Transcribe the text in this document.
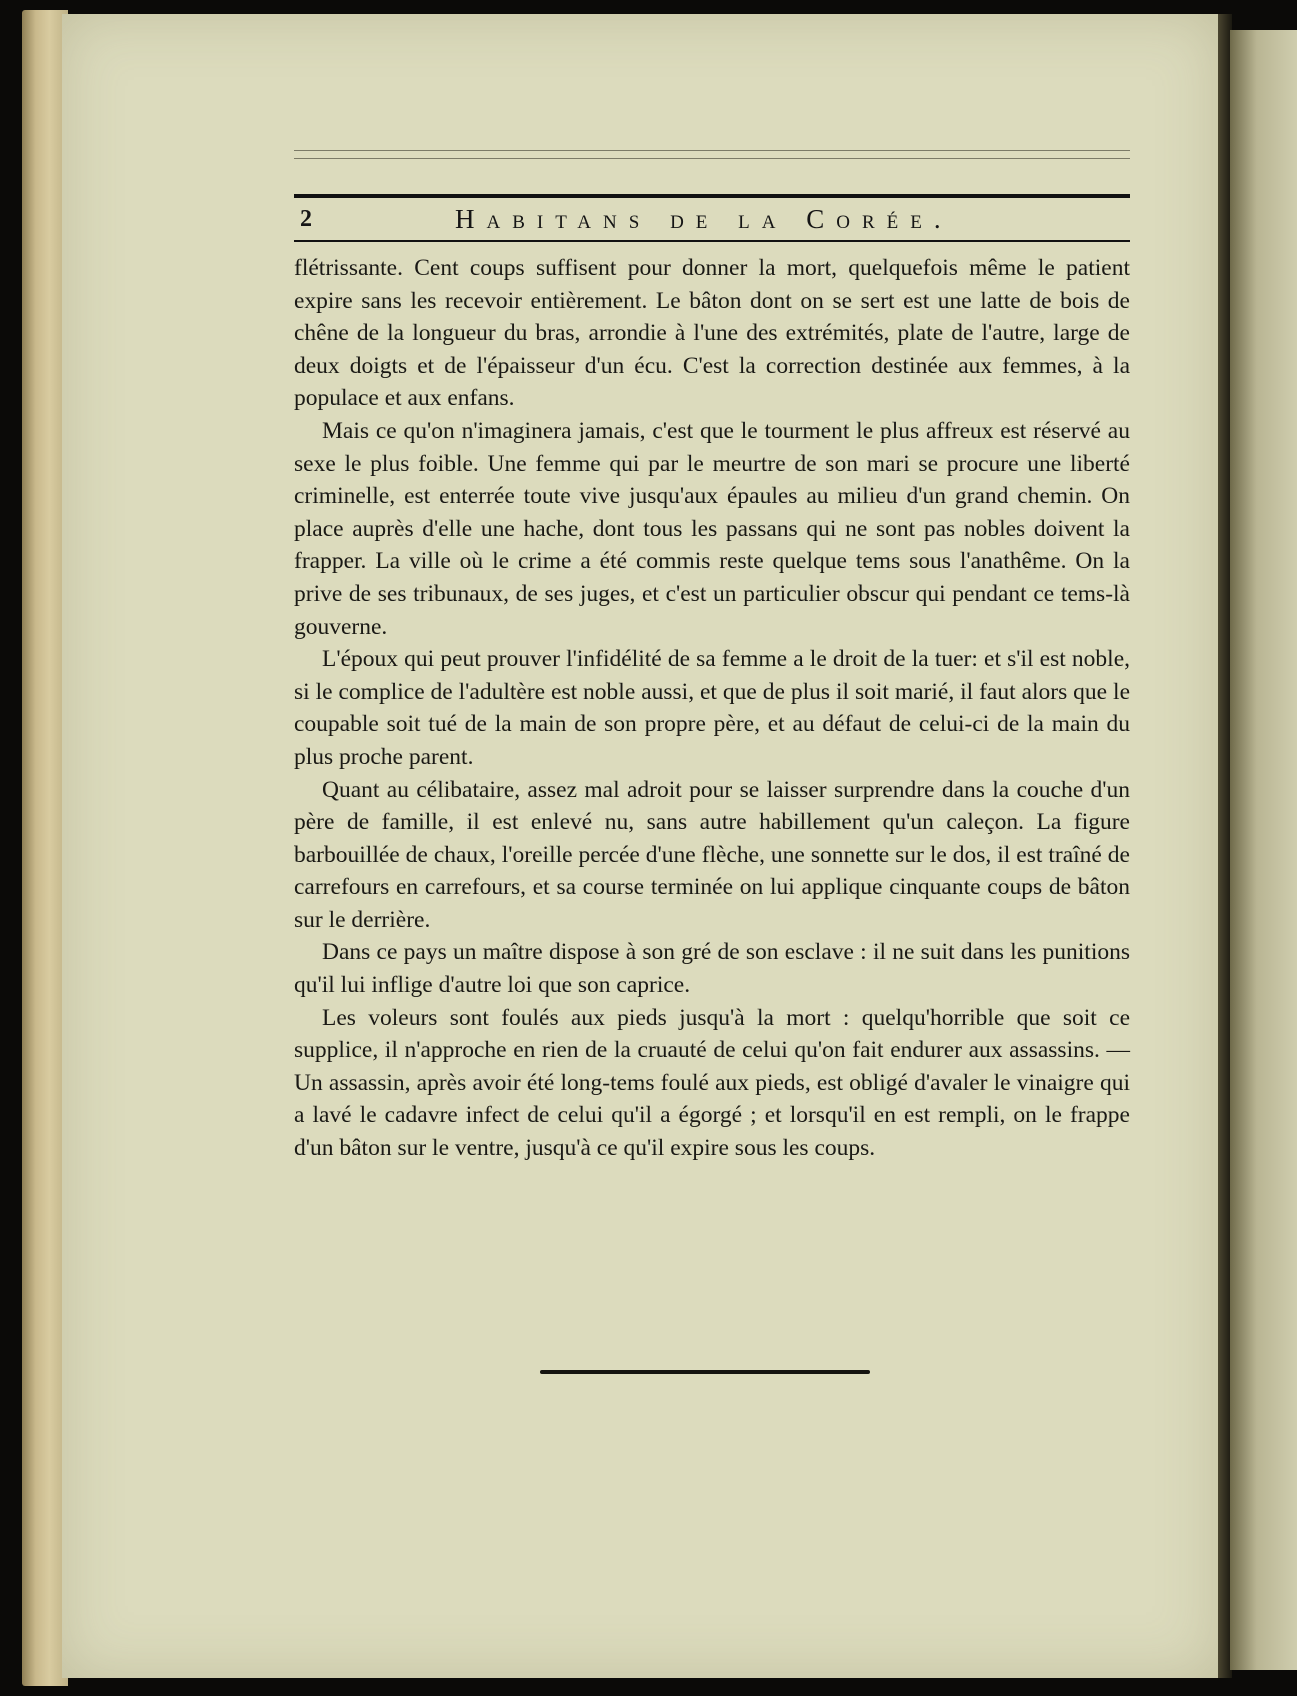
2	Habitans de la Corée.

flétrissante. Cent coups suffisent pour donner la mort, quelquefois même le patient expire sans les recevoir entièrement. Le bâton dont on se sert est une latte de bois de chêne de la longueur du bras, arrondie à l'une des extrémités, plate de l'autre, large de deux doigts et de l'épaisseur d'un écu. C'est la correction destinée aux femmes, à la populace et aux enfans.

Mais ce qu'on n'imaginera jamais, c'est que le tourment le plus affreux est réservé au sexe le plus foible. Une femme qui par le meurtre de son mari se procure une liberté criminelle, est enterrée toute vive jusqu'aux épaules au milieu d'un grand chemin. On place auprès d'elle une hache, dont tous les passans qui ne sont pas nobles doivent la frapper. La ville où le crime a été commis reste quelque tems sous l'anathême. On la prive de ses tribunaux, de ses juges, et c'est un particulier obscur qui pendant ce tems-là gouverne.

L'époux qui peut prouver l'infidélité de sa femme a le droit de la tuer: et s'il est noble, si le complice de l'adultère est noble aussi, et que de plus il soit marié, il faut alors que le coupable soit tué de la main de son propre père, et au défaut de celui-ci de la main du plus proche parent.

Quant au célibataire, assez mal adroit pour se laisser surprendre dans la couche d'un père de famille, il est enlevé nu, sans autre habillement qu'un caleçon. La figure barbouillée de chaux, l'oreille percée d'une flèche, une sonnette sur le dos, il est traîné de carrefours en carrefours, et sa course terminée on lui applique cinquante coups de bâton sur le derrière.

Dans ce pays un maître dispose à son gré de son esclave : il ne suit dans les punitions qu'il lui inflige d'autre loi que son caprice.

Les voleurs sont foulés aux pieds jusqu'à la mort : quelqu'horrible que soit ce supplice, il n'approche en rien de la cruauté de celui qu'on fait endurer aux assassins. — Un assassin, après avoir été long-tems foulé aux pieds, est obligé d'avaler le vinaigre qui a lavé le cadavre infect de celui qu'il a égorgé ; et lorsqu'il en est rempli, on le frappe d'un bâton sur le ventre, jusqu'à ce qu'il expire sous les coups.
